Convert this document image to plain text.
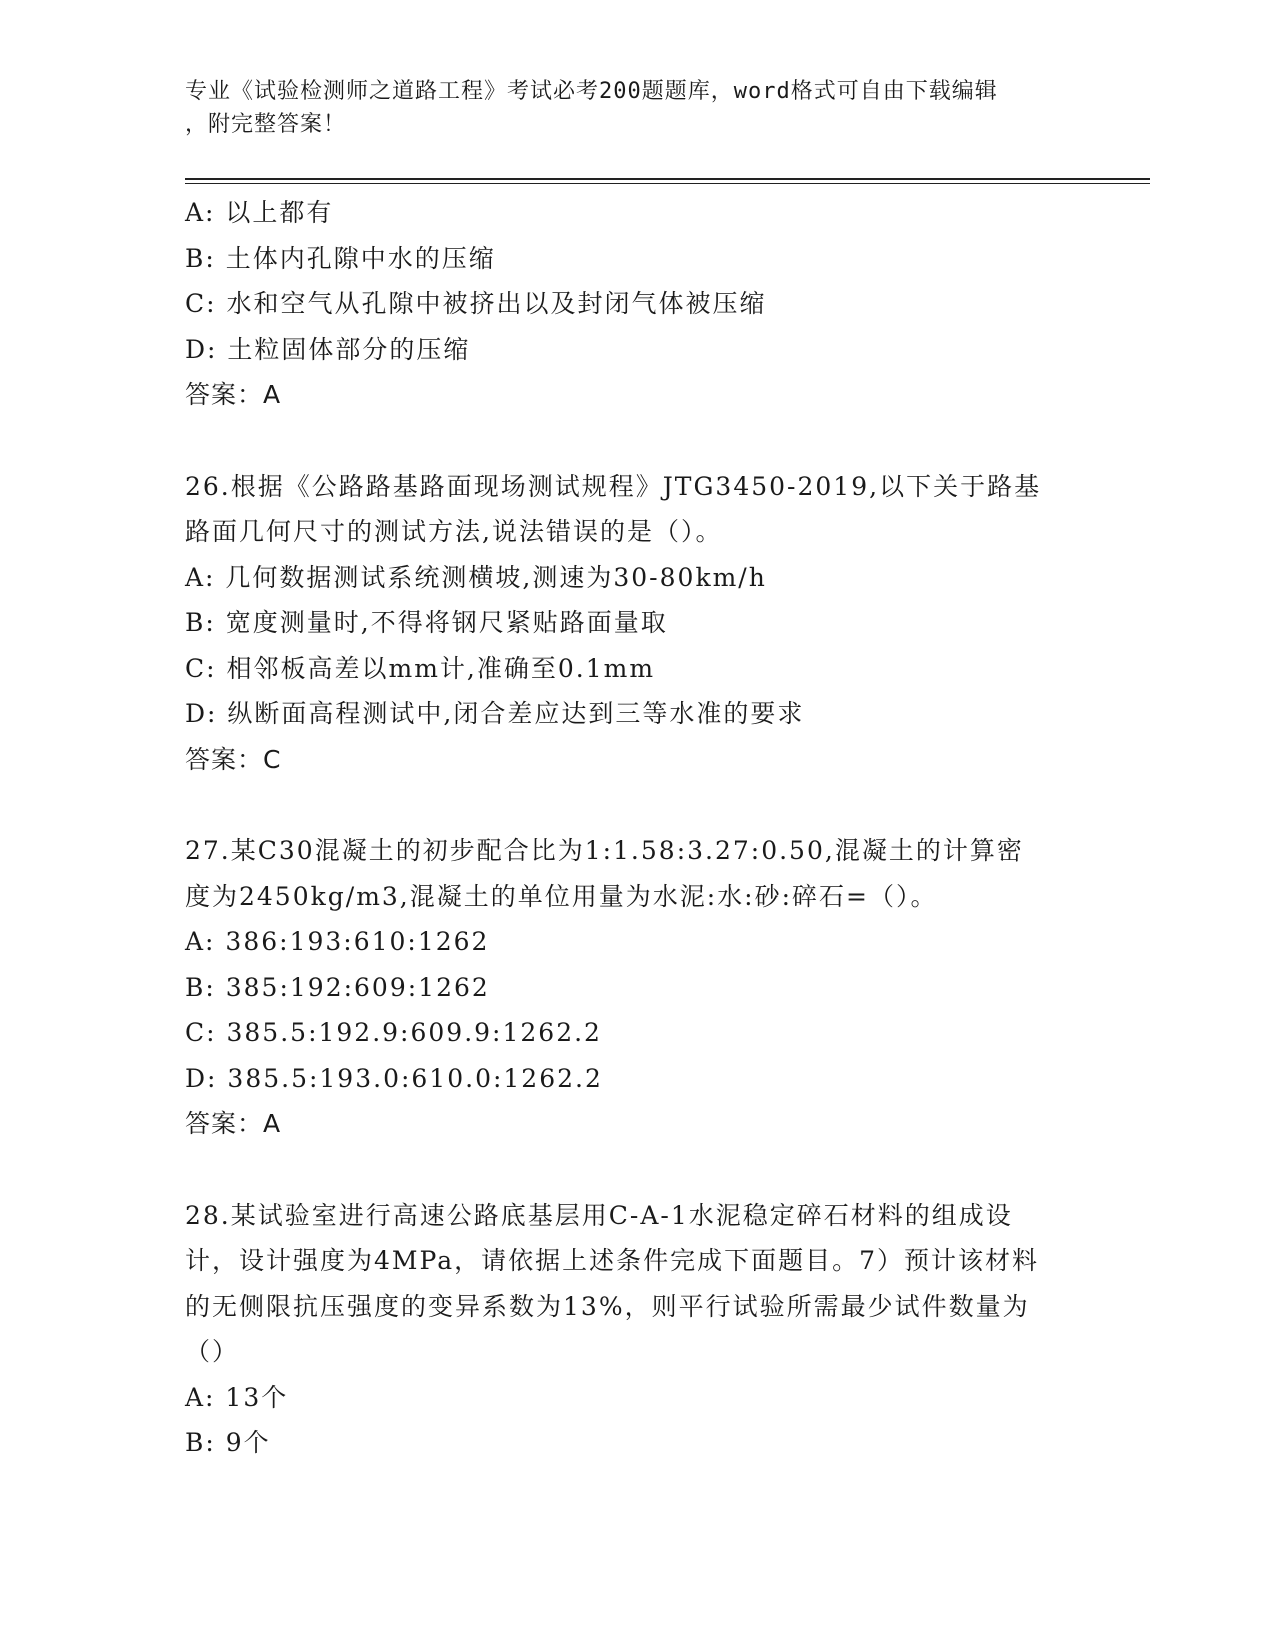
专业《试验检测师之道路工程》考试必考200题题库，word格式可自由下载编辑
，附完整答案！
A: 以上都有
B: 土体内孔隙中水的压缩
C: 水和空气从孔隙中被挤出以及封闭气体被压缩
D: 土粒固体部分的压缩
答案：A
26.根据《公路路基路面现场测试规程》JTG3450-2019,以下关于路基
路面几何尺寸的测试方法,说法错误的是（）。
A: 几何数据测试系统测横坡,测速为30-80km/h
B: 宽度测量时,不得将钢尺紧贴路面量取
C: 相邻板高差以mm计,准确至0.1mm
D: 纵断面高程测试中,闭合差应达到三等水准的要求
答案：C
27.某C30混凝土的初步配合比为1:1.58:3.27:0.50,混凝土的计算密
度为2450kg/m3,混凝土的单位用量为水泥:水:砂:碎石=（）。
A: 386:193:610:1262
B: 385:192:609:1262
C: 385.5:192.9:609.9:1262.2
D: 385.5:193.0:610.0:1262.2
答案：A
28.某试验室进行高速公路底基层用C-A-1水泥稳定碎石材料的组成设
计，设计强度为4MPa，请依据上述条件完成下面题目。7）预计该材料
的无侧限抗压强度的变异系数为13%，则平行试验所需最少试件数量为
（）
A: 13个
B: 9个
